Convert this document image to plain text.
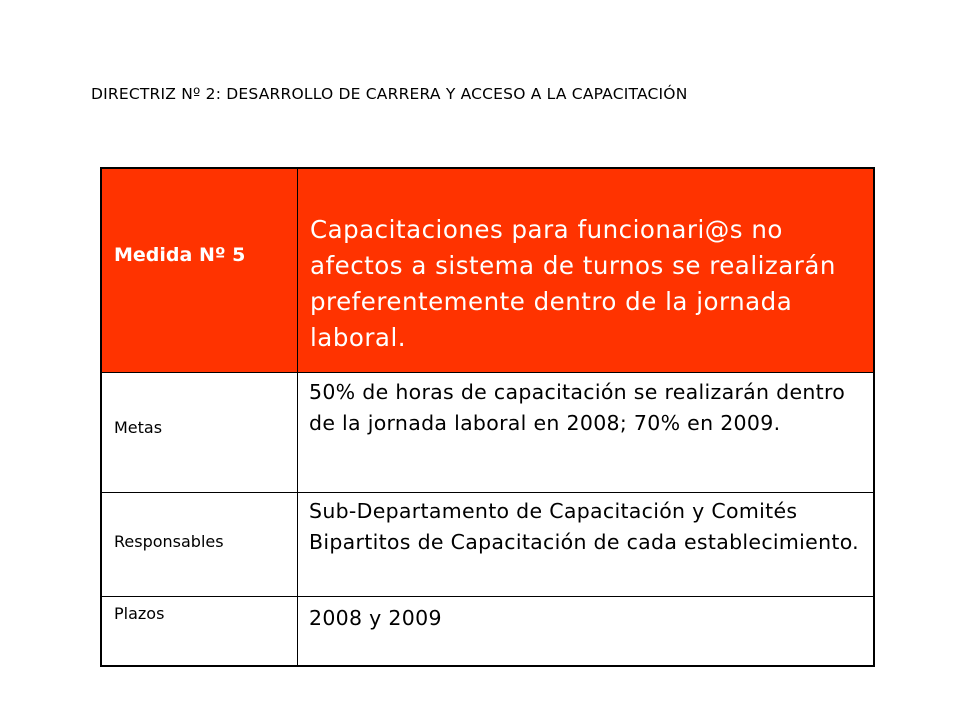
DIRECTRIZ Nº 2: DESARROLLO DE CARRERA Y ACCESO A LA CAPACITACIÓN
Medida Nº 5
Capacitaciones para funcionari@s no afectos a sistema de turnos se realizarán preferentemente dentro de la jornada laboral.
Metas
50% de horas de capacitación se realizarán dentro de la jornada laboral en 2008; 70% en 2009.
Responsables
Sub-Departamento de Capacitación y Comités Bipartitos de Capacitación de cada establecimiento.
Plazos	2008 y 2009
